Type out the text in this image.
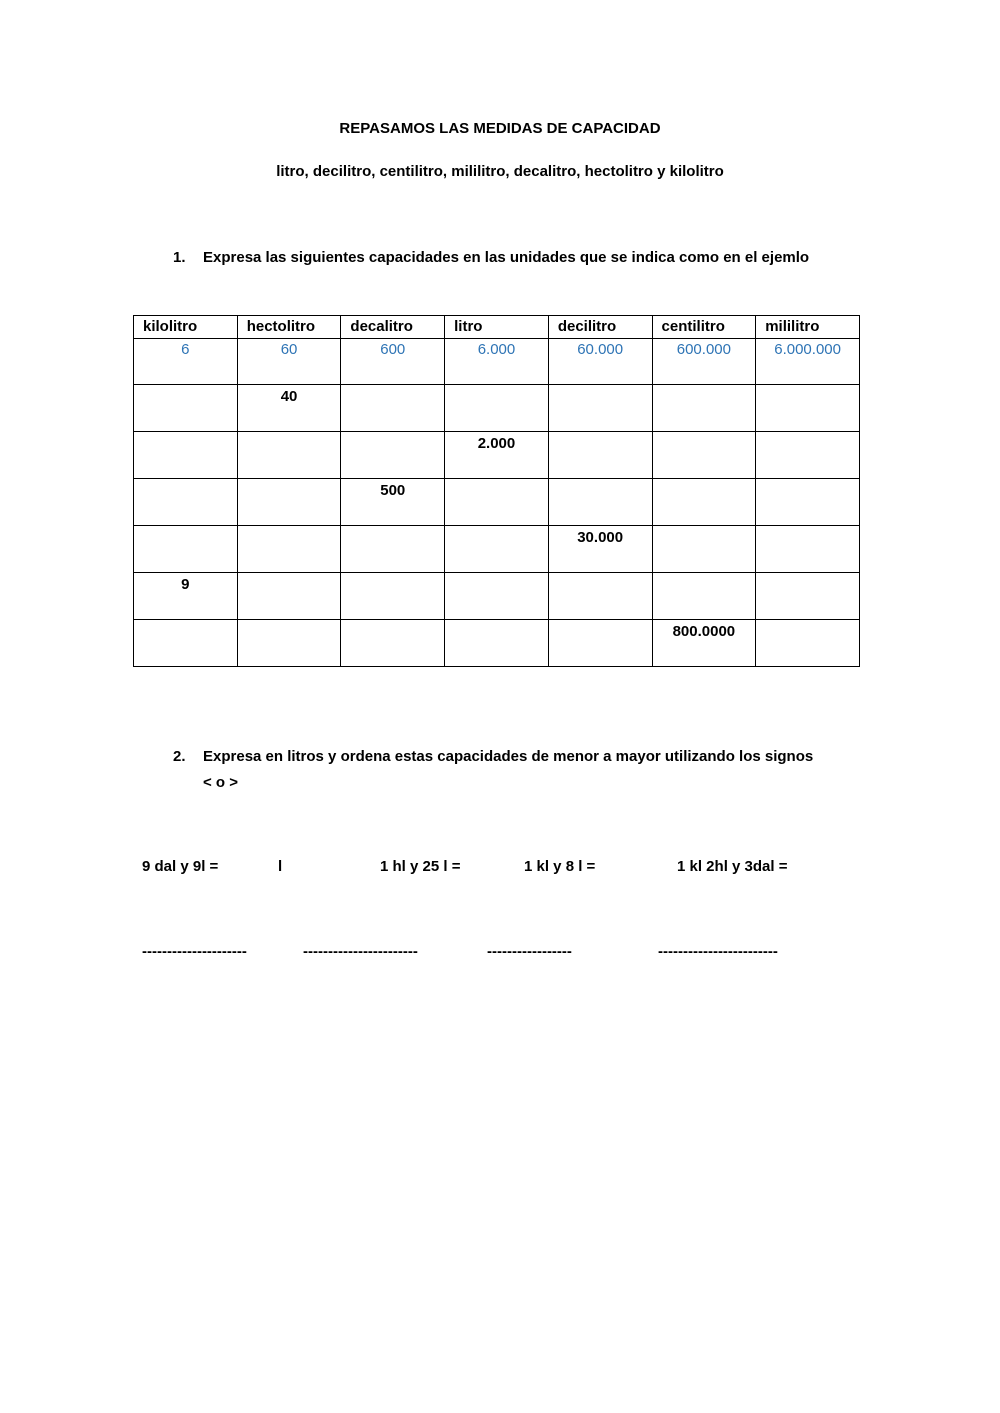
REPASAMOS LAS MEDIDAS DE CAPACIDAD
litro, decilitro, centilitro, mililitro, decalitro, hectolitro y kilolitro
1. Expresa las siguientes capacidades en las unidades que se indica como en el ejemlo
kilolitro	hectolitro	decalitro	litro	decilitro	centilitro	mililitro
6	60	600	6.000	60.000	600.000	6.000.000
	40					
			2.000			
		500				
				30.000		
9						
					800.0000	
2. Expresa en litros y ordena estas capacidades de menor a mayor utilizando los signos
< o >
9 dal y 9l =	l	1 hl y 25 l =	1 kl y 8 l =	1 kl 2hl y 3dal =
---------------------	-----------------------	-----------------	------------------------
